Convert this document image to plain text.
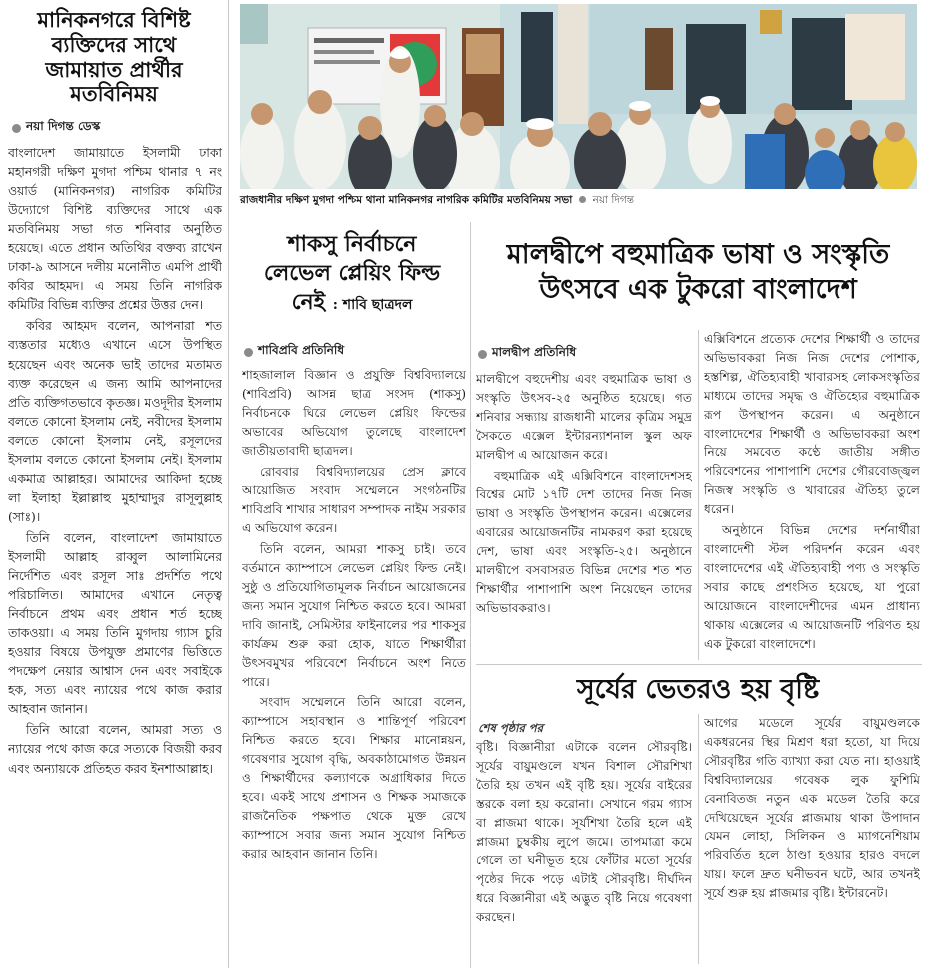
মানিকনগরে বিশিষ্ট ব্যক্তিদের সাথে জামায়াত প্রার্থীর মতবিনিময়
নয়া দিগন্ত ডেস্ক

বাংলাদেশ জামায়াতে ইসলামী ঢাকা মহানগরী দক্ষিণ মুগদা পশ্চিম থানার ৭ নং ওয়ার্ড (মানিকনগর) নাগরিক কমিটির উদ্যোগে বিশিষ্ট ব্যক্তিদের সাথে এক মতবিনিময় সভা গত শনিবার অনুষ্ঠিত হয়েছে। এতে প্রধান অতিথির বক্তব্য রাখেন ঢাকা-৯ আসনে দলীয় মনোনীত এমপি প্রার্থী কবির আহমদ। এ সময় তিনি নাগরিক কমিটির বিভিন্ন ব্যক্তির প্রশ্নের উত্তর দেন।

কবির আহমদ বলেন, আপনারা শত ব্যস্ততার মধ্যেও এখানে এসে উপস্থিত হয়েছেন এবং অনেক ভাই তাদের মতামত ব্যক্ত করেছেন এ জন্য আমি আপনাদের প্রতি ব্যক্তিগতভাবে কৃতজ্ঞ। মওদূদীর ইসলাম বলতে কোনো ইসলাম নেই, নবীদের ইসলাম বলতে কোনো ইসলাম নেই, রসূলদের ইসলাম বলতে কোনো ইসলাম নেই। ইসলাম একমাত্র আল্লাহর। আমাদের আকিদা হচ্ছে লা ইলাহা ইল্লাল্লাহু মুহাম্মাদুর রাসূলুল্লাহ (সাঃ)।

তিনি বলেন, বাংলাদেশ জামায়াতে ইসলামী আল্লাহ রাব্বুল আলামিনের নির্দেশিত এবং রসূল সাঃ প্রদর্শিত পথে পরিচালিত। আমাদের এখানে নেতৃত্ব নির্বাচনে প্রথম এবং প্রধান শর্ত হচ্ছে তাকওয়া। এ সময় তিনি মুগদায় গ্যাস চুরি হওয়ার বিষয়ে উপযুক্ত প্রমাণের ভিত্তিতে পদক্ষেপ নেয়ার আশ্বাস দেন এবং সবাইকে হক, সত্য এবং ন্যায়ের পথে কাজ করার আহবান জানান।

তিনি আরো বলেন, আমরা সত্য ও ন্যায়ের পথে কাজ করে সত্যকে বিজয়ী করব এবং অন্যায়কে প্রতিহত করব ইনশাআল্লাহ।

রাজধানীর দক্ষিণ মুগদা পশ্চিম থানা মানিকনগর নাগরিক কমিটির মতবিনিময় সভা নয়া দিগন্ত
শাকসু নির্বাচনে
লেভেল প্লেয়িং ফিল্ড
নেই : শাবি ছাত্রদল
শাবিপ্রবি প্রতিনিধি

শাহজালাল বিজ্ঞান ও প্রযুক্তি বিশ্ববিদ্যালয়ে (শাবিপ্রবি) আসন্ন ছাত্র সংসদ (শাকসু) নির্বাচনকে ঘিরে লেভেল প্লেয়িং ফিল্ডের অভাবের অভিযোগ তুলেছে বাংলাদেশ জাতীয়তাবাদী ছাত্রদল।

রোববার বিশ্ববিদ্যালয়ের প্রেস ক্লাবে আয়োজিত সংবাদ সম্মেলনে সংগঠনটির শাবিপ্রবি শাখার সাধারণ সম্পাদক নাইম সরকার এ অভিযোগ করেন।

তিনি বলেন, আমরা শাকসু চাই। তবে বর্তমানে ক্যাম্পাসে লেভেল প্লেয়িং ফিল্ড নেই। সুষ্ঠু ও প্রতিযোগিতামূলক নির্বাচন আয়োজনের জন্য সমান সুযোগ নিশ্চিত করতে হবে। আমরা দাবি জানাই, সেমিস্টার ফাইনালের পর শাকসুর কার্যক্রম শুরু করা হোক, যাতে শিক্ষার্থীরা উৎসবমুখর পরিবেশে নির্বাচনে অংশ নিতে পারে।

সংবাদ সম্মেলনে তিনি আরো বলেন, ক্যাম্পাসে সহাবস্থান ও শান্তিপূর্ণ পরিবেশ নিশ্চিত করতে হবে। শিক্ষার মানোন্নয়ন, গবেষণার সুযোগ বৃদ্ধি, অবকাঠামোগত উন্নয়ন ও শিক্ষার্থীদের কল্যাণকে অগ্রাধিকার দিতে হবে। একই সাথে প্রশাসন ও শিক্ষক সমাজকে রাজনৈতিক পক্ষপাত থেকে মুক্ত রেখে ক্যাম্পাসে সবার জন্য সমান সুযোগ নিশ্চিত করার আহবান জানান তিনি।

মালদ্বীপে বহুমাত্রিক ভাষা ও সংস্কৃতি উৎসবে এক টুকরো বাংলাদেশ
মালদ্বীপ প্রতিনিধি

মালদ্বীপে বহুদেশীয় এবং বহুমাত্রিক ভাষা ও সংস্কৃতি উৎসব-২৫ অনুষ্ঠিত হয়েছে। গত শনিবার সন্ধ্যায় রাজধানী মালের কৃত্রিম সমুদ্র সৈকতে এক্সেল ইন্টারন্যাশনাল স্কুল অফ মালদ্বীপ এ আয়োজন করে।

বহুমাত্রিক এই এক্সিবিশনে বাংলাদেশসহ বিশ্বের মোট ১৭টি দেশ তাদের নিজ নিজ ভাষা ও সংস্কৃতি উপস্থাপন করেন। এক্সেলের এবারের আয়োজনটির নামকরণ করা হয়েছে দেশ, ভাষা এবং সংস্কৃতি-২৫। অনুষ্ঠানে মালদ্বীপে বসবাসরত বিভিন্ন দেশের শত শত শিক্ষার্থীর পাশাপাশি অংশ নিয়েছেন তাদের অভিভাবকরাও।

এক্সিবিশনে প্রত্যেক দেশের শিক্ষার্থী ও তাদের অভিভাবকরা নিজ নিজ দেশের পোশাক, হস্তশিল্প, ঐতিহ্যবাহী খাবারসহ লোকসংস্কৃতির মাধ্যমে তাদের সমৃদ্ধ ও ঐতিহ্যের বহুমাত্রিক রূপ উপস্থাপন করেন। এ অনুষ্ঠানে বাংলাদেশের শিক্ষার্থী ও অভিভাবকরা অংশ নিয়ে সমবেত কণ্ঠে জাতীয় সঙ্গীত পরিবেশনের পাশাপাশি দেশের গৌরবোজ্জ্বল নিজস্ব সংস্কৃতি ও খাবারের ঐতিহ্য তুলে ধরেন।

অনুষ্ঠানে বিভিন্ন দেশের দর্শনার্থীরা বাংলাদেশী স্টল পরিদর্শন করেন এবং বাংলাদেশের এই ঐতিহ্যবাহী পণ্য ও সংস্কৃতি সবার কাছে প্রশংসিত হয়েছে, যা পুরো আয়োজনে বাংলাদেশীদের এমন প্রাধান্য থাকায় এক্সেলের এ আয়োজনটি পরিণত হয় এক টুকরো বাংলাদেশে।

সূর্যের ভেতরও হয় বৃষ্টি
শেষ পৃষ্ঠার পর

বৃষ্টি। বিজ্ঞানীরা এটাকে বলেন সৌরবৃষ্টি। সূর্যের বায়ুমণ্ডলে যখন বিশাল সৌরশিখা তৈরি হয় তখন এই বৃষ্টি হয়। সূর্যের বাইরের স্তরকে বলা হয় করোনা। সেখানে গরম গ্যাস বা প্লাজমা থাকে। সূর্যশিখা তৈরি হলে এই প্লাজমা চুম্বকীয় লুপে জমে। তাপমাত্রা কমে গেলে তা ঘনীভূত হয়ে ফোঁটার মতো সূর্যের পৃষ্ঠের দিকে পড়ে এটাই সৌরবৃষ্টি। দীর্ঘদিন ধরে বিজ্ঞানীরা এই অদ্ভুত বৃষ্টি নিয়ে গবেষণা করছেন।

আগের মডেলে সূর্যের বায়ুমণ্ডলকে একধরনের স্থির মিশ্রণ ধরা হতো, যা দিয়ে সৌরবৃষ্টির গতি ব্যাখ্যা করা যেত না। হাওয়াই বিশ্ববিদ্যালয়ের গবেষক লুক ফুশিমি বেনাবিতজ নতুন এক মডেল তৈরি করে দেখিয়েছেন সূর্যের প্লাজমায় থাকা উপাদান যেমন লোহা, সিলিকন ও ম্যাগনেশিয়াম পরিবর্তিত হলে ঠাণ্ডা হওয়ার হারও বদলে যায়। ফলে দ্রুত ঘনীভবন ঘটে, আর তখনই সূর্যে শুরু হয় প্লাজমার বৃষ্টি। ইন্টারনেট।
